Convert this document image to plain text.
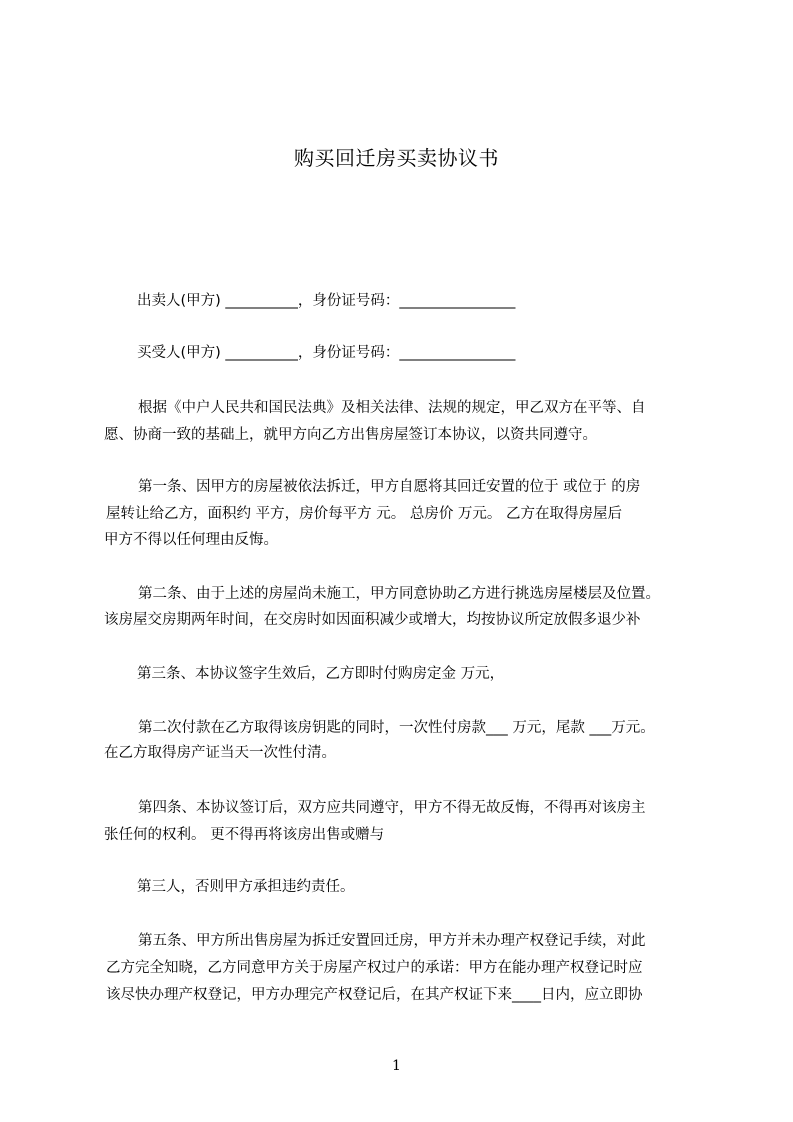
购买回迁房买卖协议书
出卖人(甲方) __________，身份证号码：________________
买受人(甲方) __________，身份证号码：________________
根据《中户人民共和国民法典》及相关法律、法规的规定，甲乙双方在平等、自
愿、协商一致的基础上，就甲方向乙方出售房屋签订本协议，以资共同遵守。
第一条、因甲方的房屋被依法拆迁，甲方自愿将其回迁安置的位于 或位于 的房
屋转让给乙方，面积约 平方，房价每平方 元。 总房价 万元。 乙方在取得房屋后
甲方不得以任何理由反悔。
第二条、由于上述的房屋尚未施工，甲方同意协助乙方进行挑选房屋楼层及位置。
该房屋交房期两年时间，在交房时如因面积减少或增大，均按协议所定放假多退少补
第三条、本协议签字生效后，乙方即时付购房定金 万元，
第二次付款在乙方取得该房钥匙的同时，一次性付房款___ 万元，尾款 ___万元。
在乙方取得房产证当天一次性付清。
第四条、本协议签订后，双方应共同遵守，甲方不得无故反悔，不得再对该房主
张任何的权利。 更不得再将该房出售或赠与
第三人，否则甲方承担违约责任。
第五条、甲方所出售房屋为拆迁安置回迁房，甲方并未办理产权登记手续，对此
乙方完全知晓，乙方同意甲方关于房屋产权过户的承诺：甲方在能办理产权登记时应
该尽快办理产权登记，甲方办理完产权登记后，在其产权证下来____日内，应立即协
1
